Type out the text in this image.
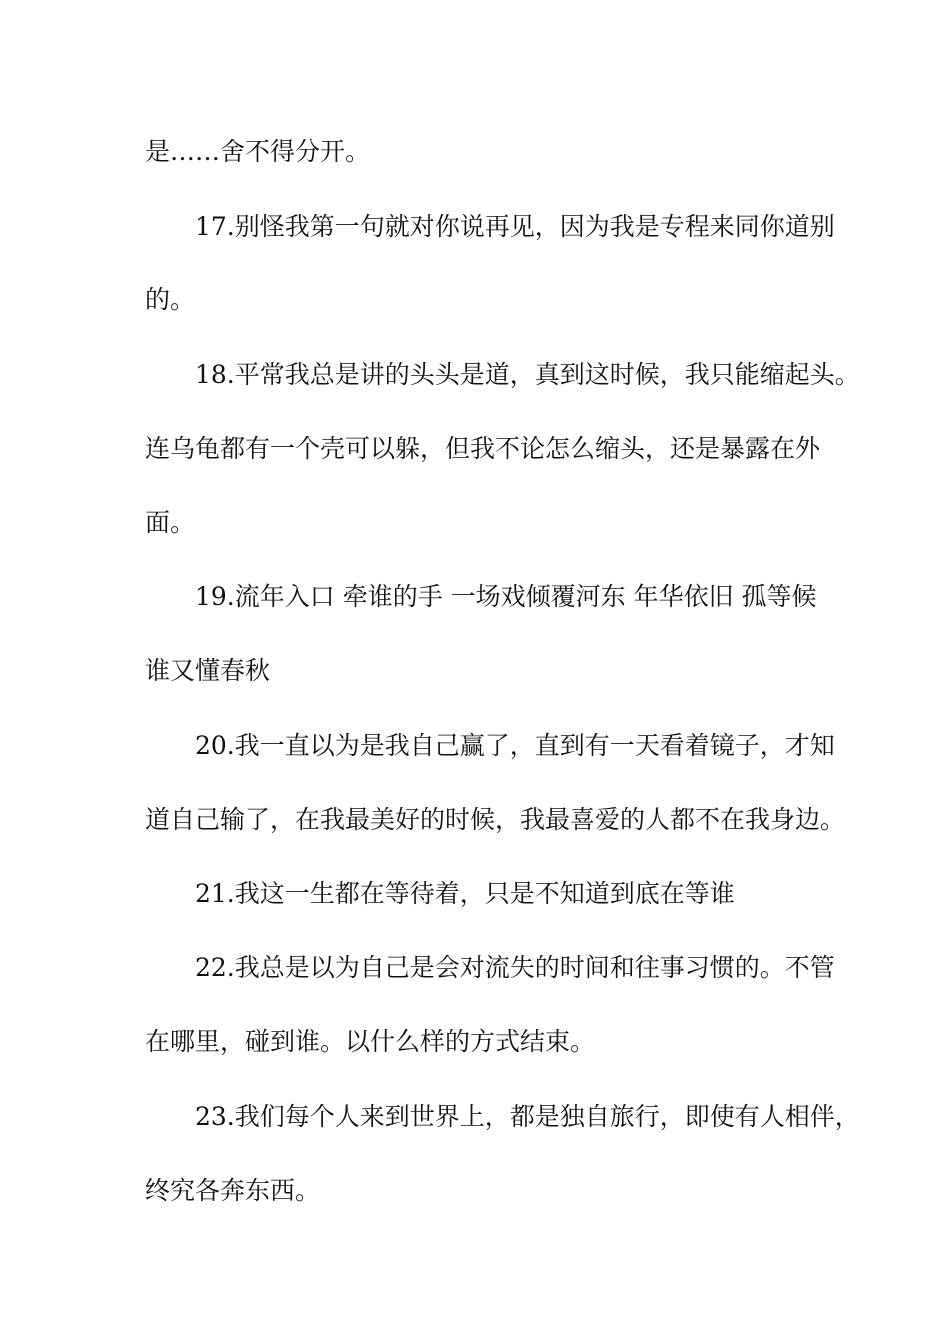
是……舍不得分开。
17.别怪我第一句就对你说再见，因为我是专程来同你道别
的。
18.平常我总是讲的头头是道，真到这时候，我只能缩起头。
连乌龟都有一个壳可以躲，但我不论怎么缩头，还是暴露在外
面。
19.流年入口 牵谁的手 一场戏倾覆河东 年华依旧 孤等候
谁又懂春秋
20.我一直以为是我自己赢了，直到有一天看着镜子，才知
道自己输了，在我最美好的时候，我最喜爱的人都不在我身边。
21.我这一生都在等待着，只是不知道到底在等谁
22.我总是以为自己是会对流失的时间和往事习惯的。不管
在哪里，碰到谁。以什么样的方式结束。
23.我们每个人来到世界上，都是独自旅行，即使有人相伴，
终究各奔东西。
